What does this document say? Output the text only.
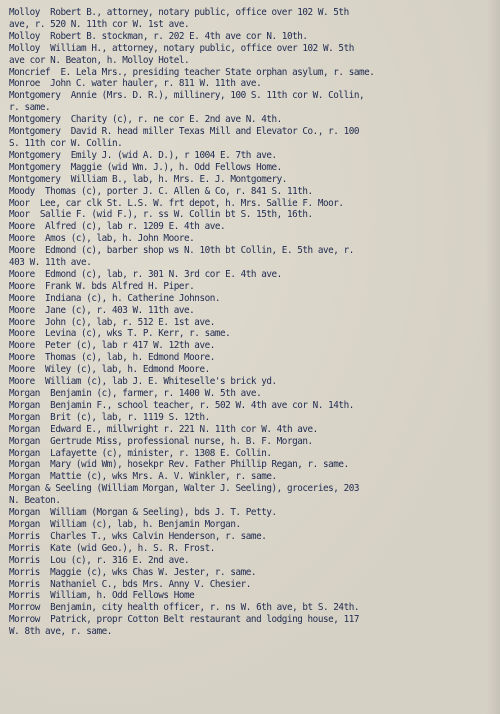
Molloy  Robert B., attorney, notary public, office over 102 W. 5th

ave, r. 520 N. 11th cor W. 1st ave.

Molloy  Robert B. stockman, r. 202 E. 4th ave cor N. 10th.

Molloy  William H., attorney, notary public, office over 102 W. 5th

ave cor N. Beaton, h. Molloy Hotel.

Moncrief  E. Lela Mrs., presiding teacher State orphan asylum, r. same.

Monroe  John C. water hauler, r. 811 W. 11th ave.

Montgomery  Annie (Mrs. D. R.), millinery, 100 S. 11th cor W. Collin,

r. same.

Montgomery  Charity (c), r. ne cor E. 2nd ave N. 4th.

Montgomery  David R. head miller Texas Mill and Elevator Co., r. 100

S. 11th cor W. Collin.

Montgomery  Emily J. (wid A. D.), r 1004 E. 7th ave.

Montgomery  Maggie (wid Wm. J.), h. Odd Fellows Home.

Montgomery  William B., lab, h. Mrs. E. J. Montgomery.

Moody  Thomas (c), porter J. C. Allen & Co, r. 841 S. 11th.

Moor  Lee, car clk St. L.S. W. frt depot, h. Mrs. Sallie F. Moor.

Moor  Sallie F. (wid F.), r. ss W. Collin bt S. 15th, 16th.

Moore  Alfred (c), lab r. 1209 E. 4th ave.

Moore  Amos (c), lab, h. John Moore.

Moore  Edmond (c), barber shop ws N. 10th bt Collin, E. 5th ave, r.

403 W. 11th ave.

Moore  Edmond (c), lab, r. 301 N. 3rd cor E. 4th ave.

Moore  Frank W. bds Alfred H. Piper.

Moore  Indiana (c), h. Catherine Johnson.

Moore  Jane (c), r. 403 W. 11th ave.

Moore  John (c), lab, r. 512 E. 1st ave.

Moore  Levina (c), wks T. P. Kerr, r. same.

Moore  Peter (c), lab r 417 W. 12th ave.

Moore  Thomas (c), lab, h. Edmond Moore.

Moore  Wiley (c), lab, h. Edmond Moore.

Moore  William (c), lab J. E. Whiteselle's brick yd.

Morgan  Benjamin (c), farmer, r. 1400 W. 5th ave.

Morgan  Benjamin F., school teacher, r. 502 W. 4th ave cor N. 14th.

Morgan  Brit (c), lab, r. 1119 S. 12th.

Morgan  Edward E., millwright r. 221 N. 11th cor W. 4th ave.

Morgan  Gertrude Miss, professional nurse, h. B. F. Morgan.

Morgan  Lafayette (c), minister, r. 1308 E. Collin.

Morgan  Mary (wid Wm), hosekpr Rev. Father Phillip Regan, r. same.

Morgan  Mattie (c), wks Mrs. A. V. Winkler, r. same.

Morgan & Seeling (William Morgan, Walter J. Seeling), groceries, 203

N. Beaton.

Morgan  William (Morgan & Seeling), bds J. T. Petty.

Morgan  William (c), lab, h. Benjamin Morgan.

Morris  Charles T., wks Calvin Henderson, r. same.

Morris  Kate (wid Geo.), h. S. R. Frost.

Morris  Lou (c), r. 316 E. 2nd ave.

Morris  Maggie (c), wks Chas W. Jester, r. same.

Morris  Nathaniel C., bds Mrs. Anny V. Chesier.

Morris  William, h. Odd Fellows Home

Morrow  Benjamin, city health officer, r. ns W. 6th ave, bt S. 24th.

Morrow  Patrick, propr Cotton Belt restaurant and lodging house, 117

W. 8th ave, r. same.
